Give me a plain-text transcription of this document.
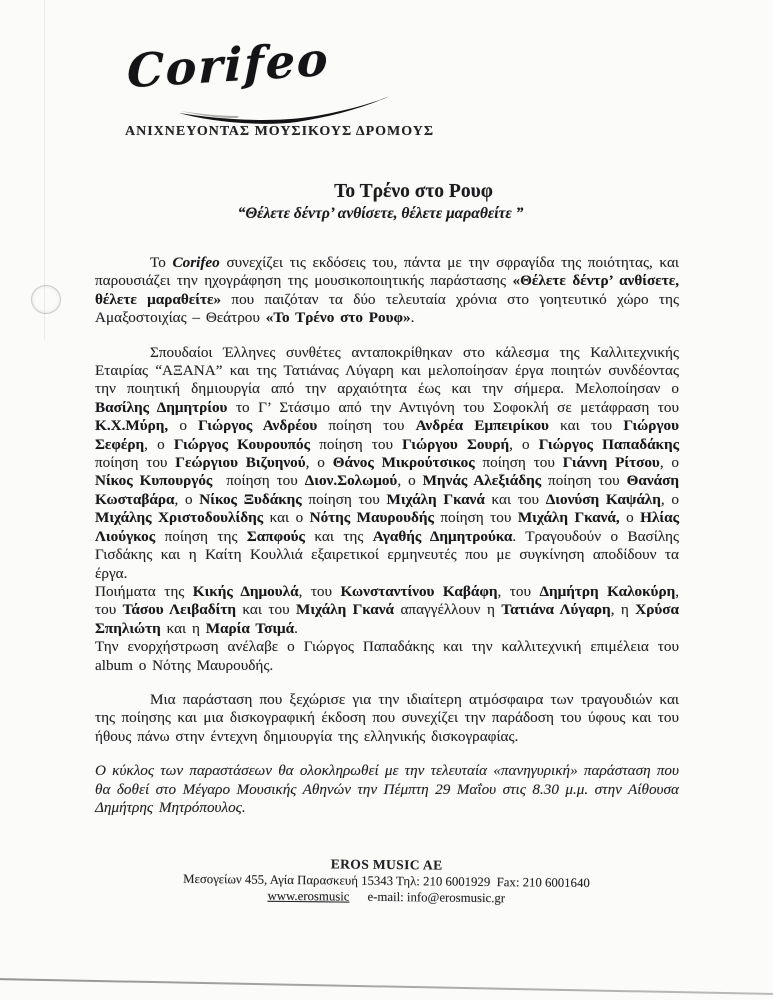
Corifeo
ΑΝΙΧΝΕΥΟΝΤΑΣ ΜΟΥΣΙΚΟΥΣ ΔΡΟΜΟΥΣ
Το Τρένο στο Ρουφ
“Θέλετε δέντρ’ ανθίσετε, θέλετε μαραθείτε ”

Το Corifeo συνεχίζει τις εκδόσεις του, πάντα με την σφραγίδα της ποιότητας, και παρουσιάζει την ηχογράφηση της μουσικοποιητικής παράστασης «Θέλετε δέντρ’ ανθίσετε, θέλετε μαραθείτε» που παιζόταν τα δύο τελευταία χρόνια στο γοητευτικό χώρο της Αμαξοστοιχίας – Θεάτρου «Το Τρένο στο Ρουφ».

Σπουδαίοι Έλληνες συνθέτες ανταποκρίθηκαν στο κάλεσμα της Καλλιτεχνικής Εταιρίας “ΑΞΑΝΑ” και της Τατιάνας Λύγαρη και μελοποίησαν έργα ποιητών συνδέοντας την ποιητική δημιουργία από την αρχαιότητα έως και την σήμερα. Μελοποίησαν ο Βασίλης Δημητρίου το Γ’ Στάσιμο από την Αντιγόνη του Σοφοκλή σε μετάφραση του Κ.Χ.Μύρη, ο Γιώργος Ανδρέου ποίηση του Ανδρέα Εμπειρίκου και του Γιώργου Σεφέρη, ο Γιώργος Κουρουπός ποίηση του Γιώργου Σουρή, ο Γιώργος Παπαδάκης ποίηση του Γεώργιου Βιζυηνού, ο Θάνος Μικρούτσικος ποίηση του Γιάννη Ρίτσου, ο Νίκος Κυπουργός  ποίηση του Διον.Σολωμού, ο Μηνάς Αλεξιάδης ποίηση του Θανάση Κωσταβάρα, ο Νίκος Ξυδάκης ποίηση του Μιχάλη Γκανά και του Διονύση Καψάλη, ο Μιχάλης Χριστοδουλίδης και ο Νότης Μαυρουδής ποίηση του Μιχάλη Γκανά, ο Ηλίας Λιούγκος ποίηση της Σαπφούς και της Αγαθής Δημητρούκα. Τραγουδούν ο Βασίλης Γισδάκης και η Καίτη Κουλλιά εξαιρετικοί ερμηνευτές που με συγκίνηση αποδίδουν τα έργα.

Ποιήματα της Κικής Δημουλά, του Κωνσταντίνου Καβάφη, του Δημήτρη Καλοκύρη, του Τάσου Λειβαδίτη και του Μιχάλη Γκανά απαγγέλλουν η Τατιάνα Λύγαρη, η Χρύσα Σπηλιώτη και η Μαρία Τσιμά.

Την ενορχήστρωση ανέλαβε ο Γιώργος Παπαδάκης και την καλλιτεχνική επιμέλεια του album ο Νότης Μαυρουδής.

Μια παράσταση που ξεχώρισε για την ιδιαίτερη ατμόσφαιρα των τραγουδιών και της ποίησης και μια δισκογραφική έκδοση που συνεχίζει την παράδοση του ύφους και του ήθους πάνω στην έντεχνη δημιουργία της ελληνικής δισκογραφίας.

Ο κύκλος των παραστάσεων θα ολοκληρωθεί με την τελευταία «πανηγυρική» παράσταση που θα δοθεί στο Μέγαρο Μουσικής Αθηνών την Πέμπτη 29 Μαΐου στις 8.30 μ.μ. στην Αίθουσα Δημήτρης Μητρόπουλος.

EROS MUSIC AE
Μεσογείων 455, Αγία Παρασκευή 15343 Τηλ: 210 6001929  Fax: 210 6001640
www.erosmusic e-mail: info@erosmusic.gr
